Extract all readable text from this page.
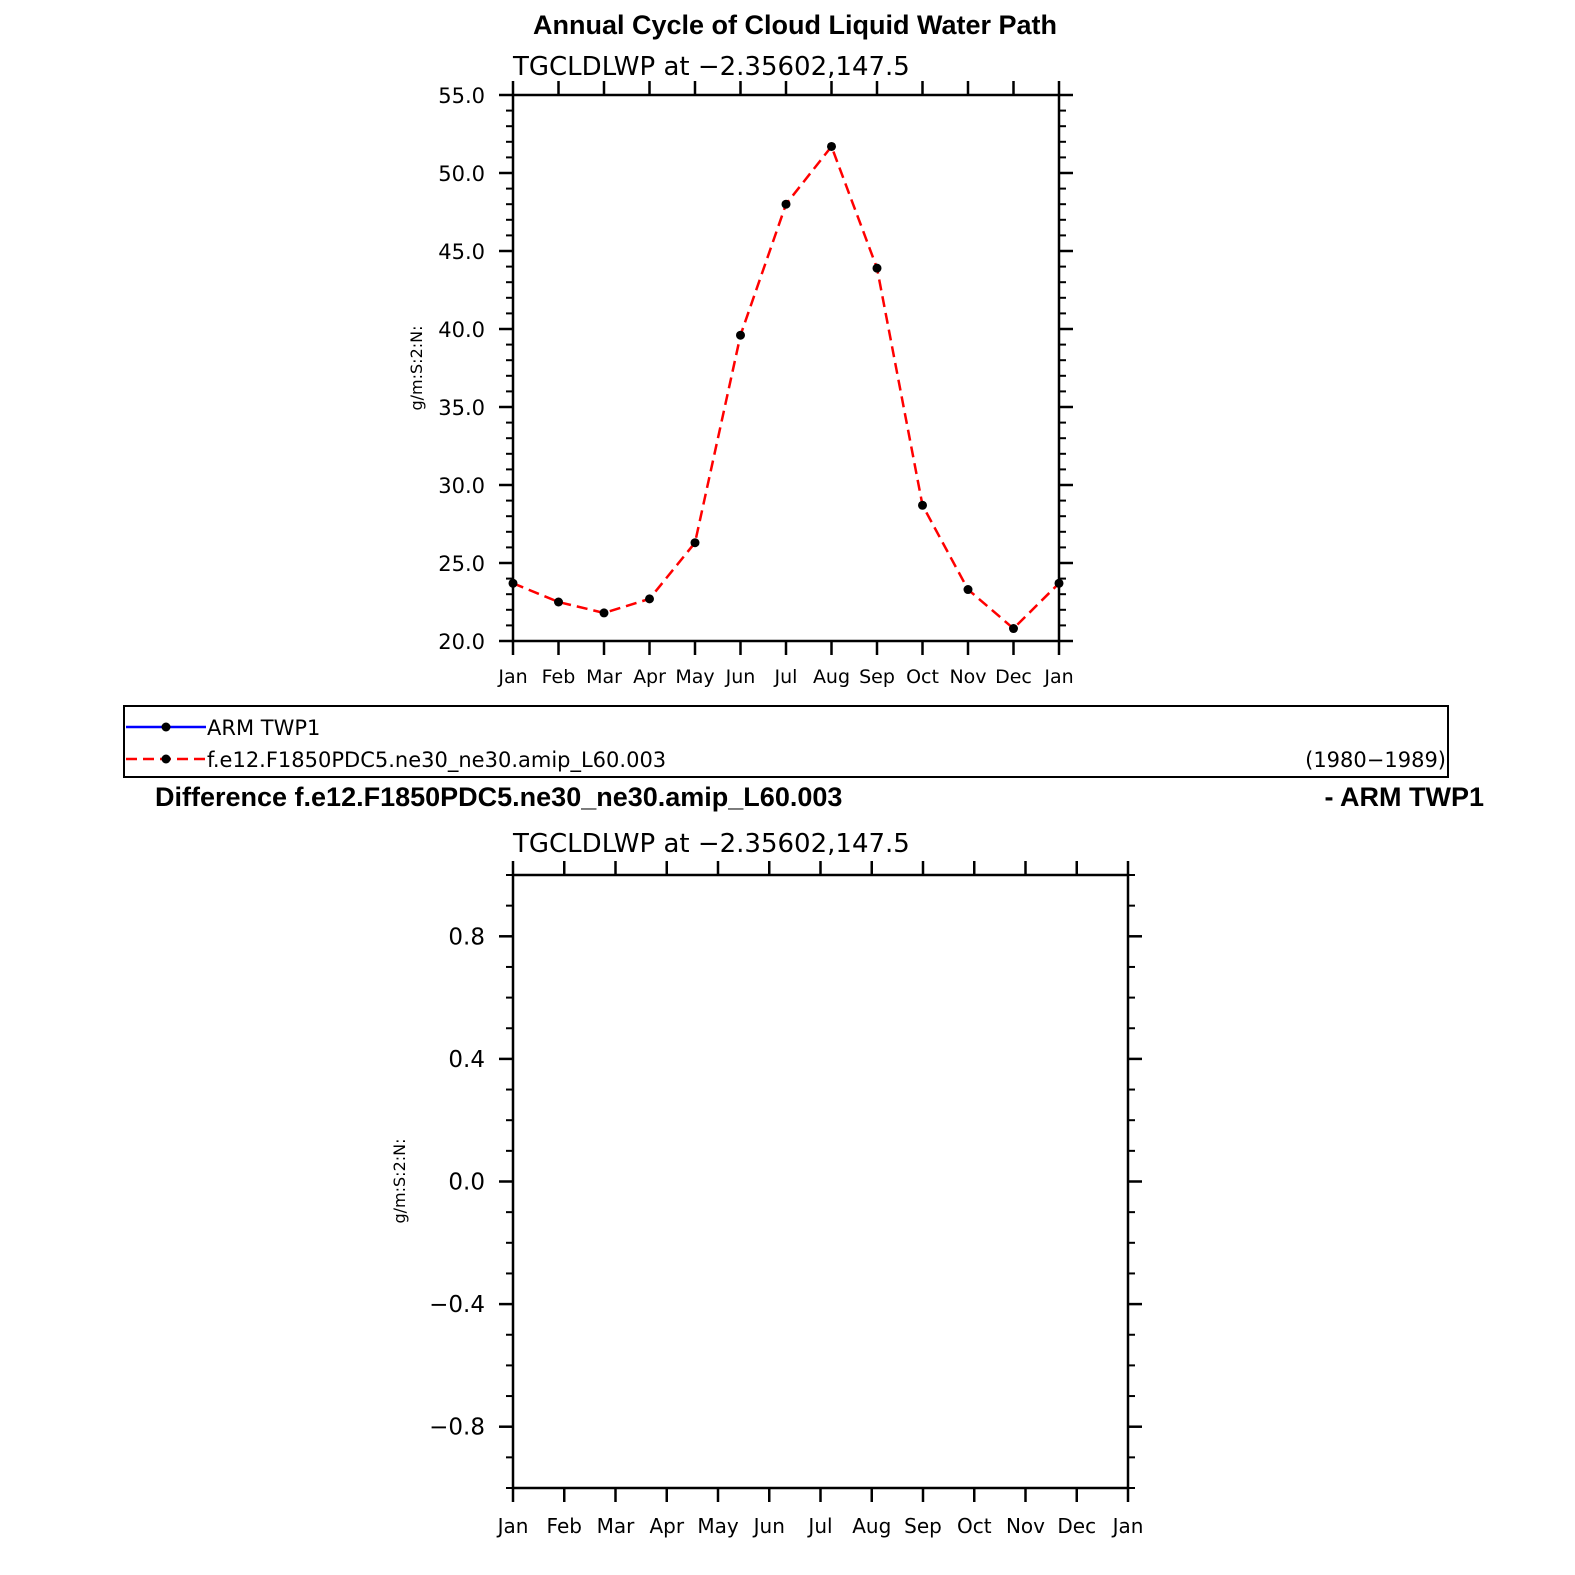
Annual Cycle of Cloud Liquid Water Path
TGCLDLWP at −2.35602,147.5
g/m:S:2:N:
20.0
25.0
30.0
35.0
40.0
45.0
50.0
55.0
Jan Feb Mar Apr May Jun Jul Aug Sep Oct Nov Dec Jan
ARM TWP1
f.e12.F1850PDC5.ne30_ne30.amip_L60.003	(1980−1989)
Difference f.e12.F1850PDC5.ne30_ne30.amip_L60.003	- ARM TWP1
TGCLDLWP at −2.35602,147.5
g/m:S:2:N:
−0.8
−0.4
0.0
0.4
0.8
Jan Feb Mar Apr May Jun Jul Aug Sep Oct Nov Dec Jan
